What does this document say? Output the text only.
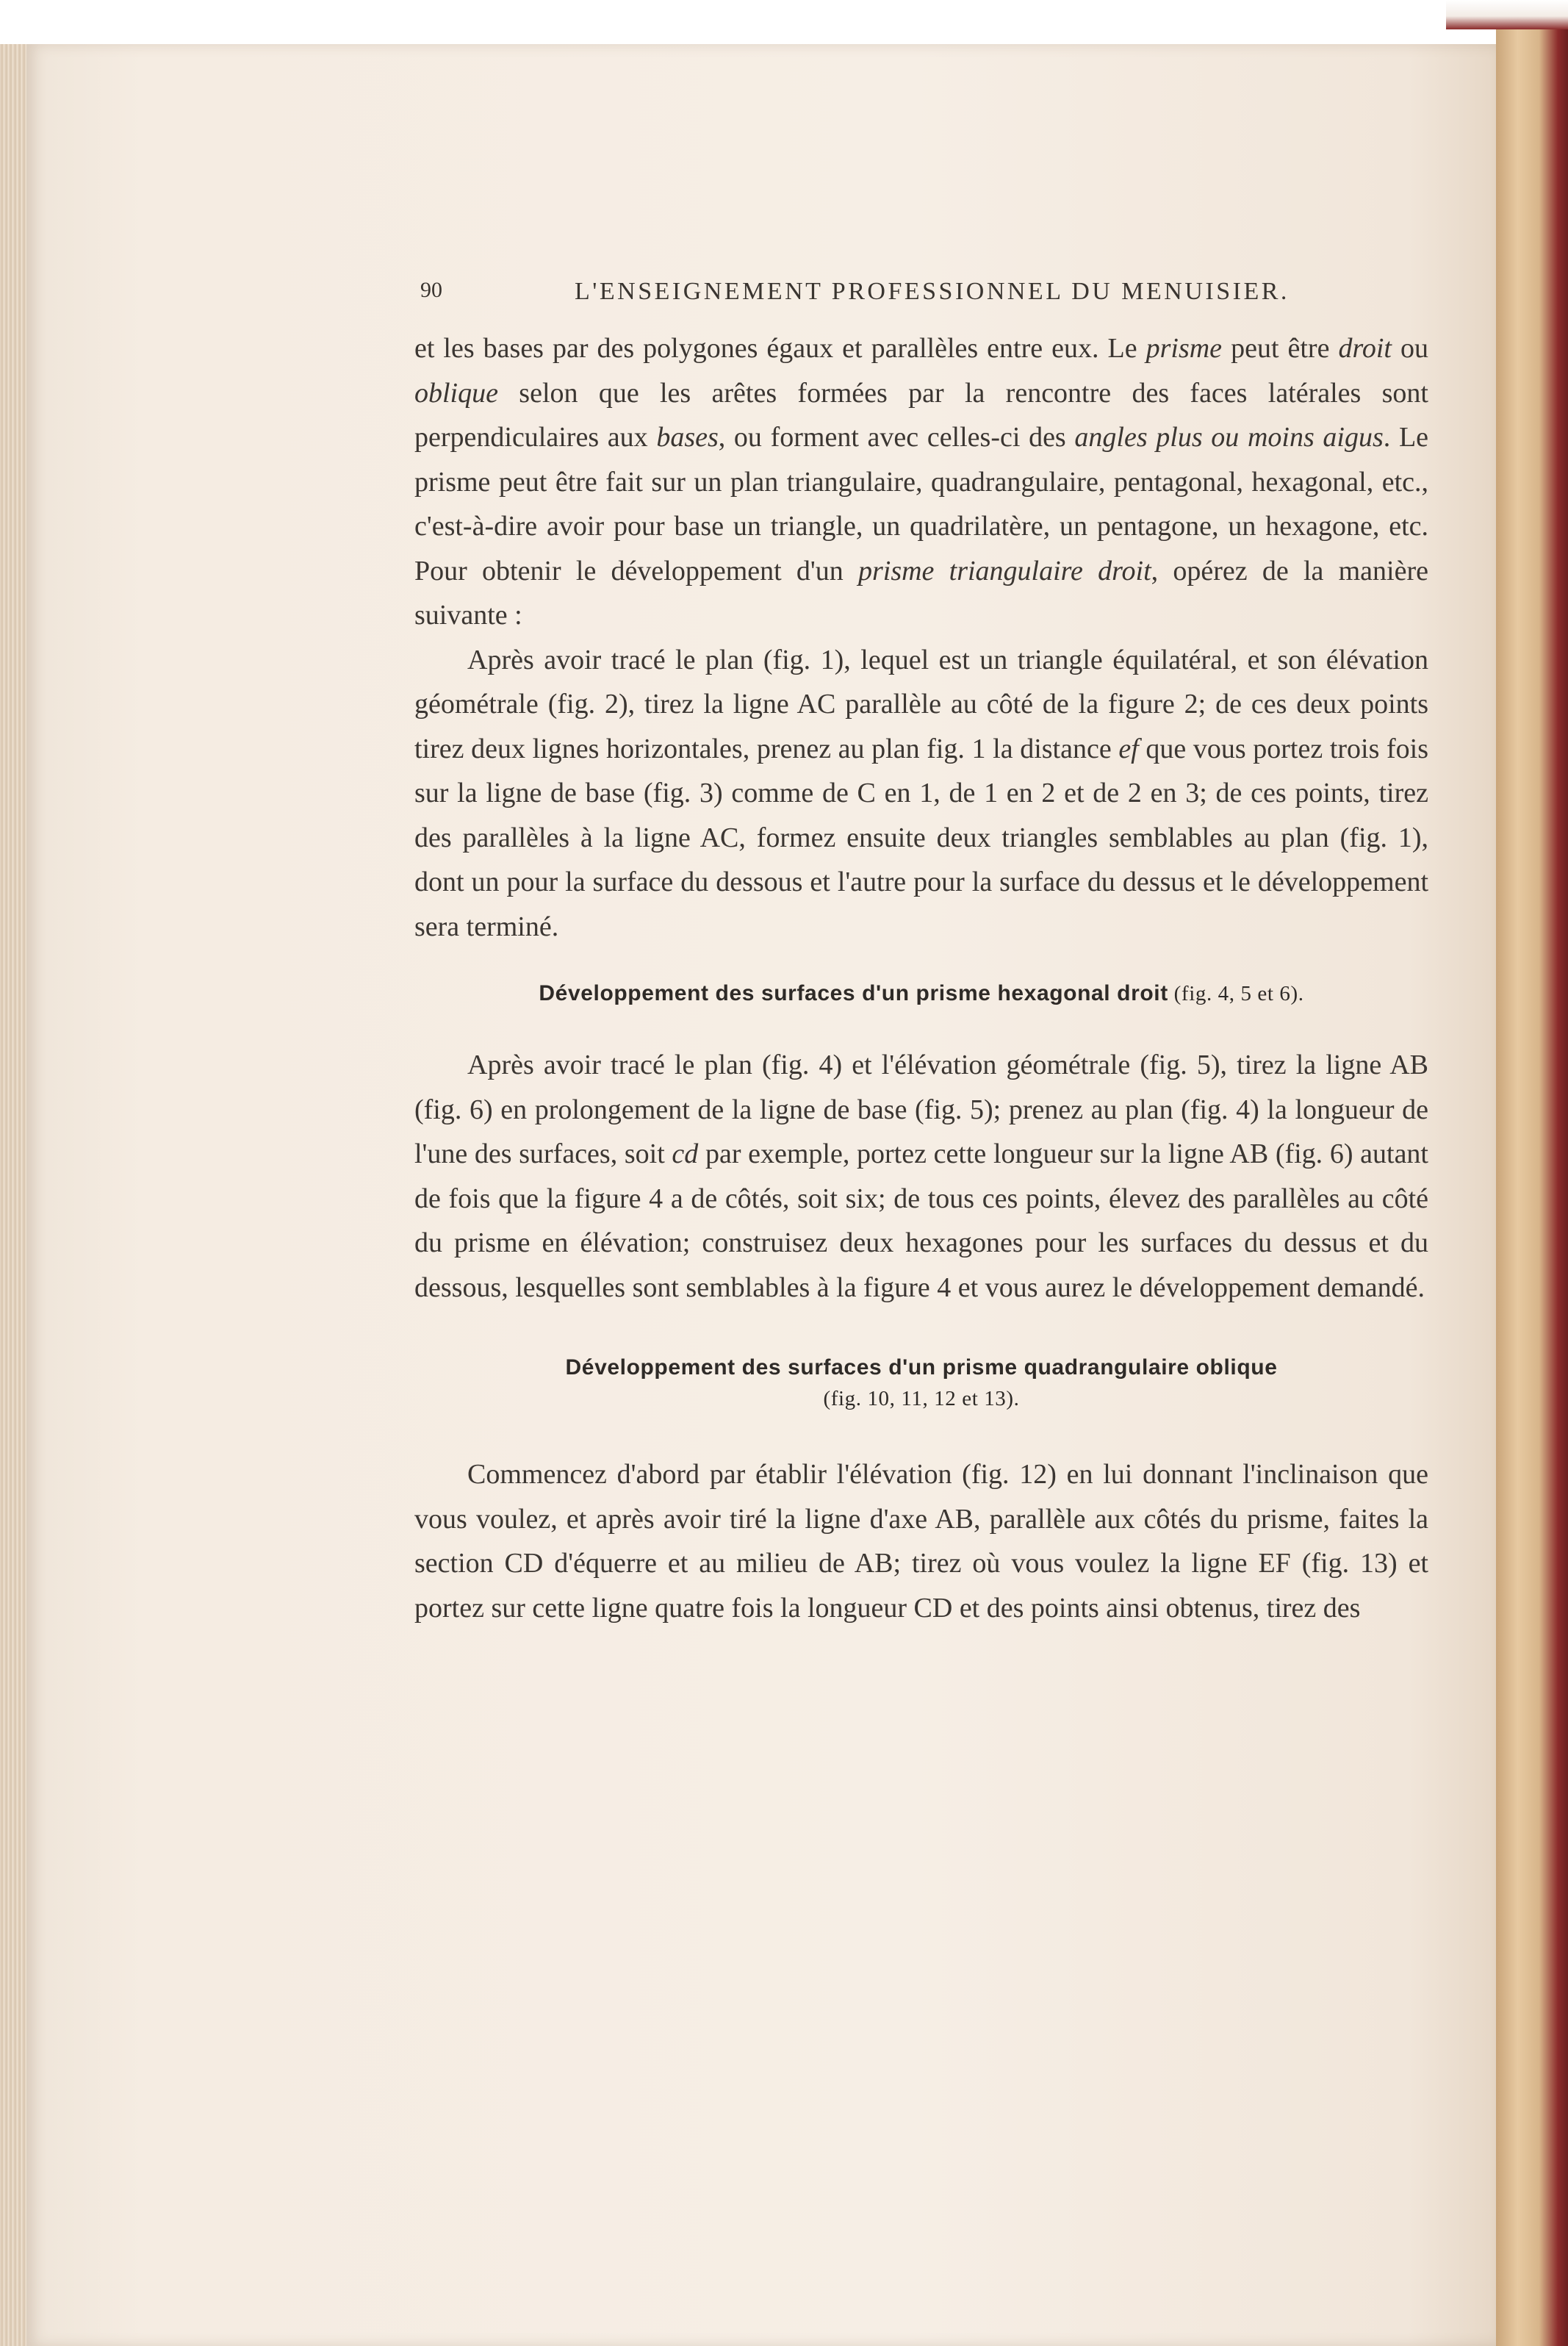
90	L'ENSEIGNEMENT PROFESSIONNEL DU MENUISIER.

et les bases par des polygones égaux et parallèles entre eux. Le prisme peut être droit ou oblique selon que les arêtes formées par la rencontre des faces latérales sont perpendiculaires aux bases, ou forment avec celles-ci des angles plus ou moins aigus. Le prisme peut être fait sur un plan triangulaire, quadrangulaire, pentagonal, hexagonal, etc., c'est-à-dire avoir pour base un triangle, un quadrilatère, un pentagone, un hexagone, etc. Pour obtenir le développement d'un prisme triangulaire droit, opérez de la manière suivante :

Après avoir tracé le plan (fig. 1), lequel est un triangle équilatéral, et son élévation géométrale (fig. 2), tirez la ligne AC parallèle au côté de la figure 2; de ces deux points tirez deux lignes horizontales, prenez au plan fig. 1 la distance ef que vous portez trois fois sur la ligne de base (fig. 3) comme de C en 1, de 1 en 2 et de 2 en 3; de ces points, tirez des parallèles à la ligne AC, formez ensuite deux triangles semblables au plan (fig. 1), dont un pour la surface du dessous et l'autre pour la surface du dessus et le développement sera terminé.

Développement des surfaces d'un prisme hexagonal droit (fig. 4, 5 et 6).

Après avoir tracé le plan (fig. 4) et l'élévation géométrale (fig. 5), tirez la ligne AB (fig. 6) en prolongement de la ligne de base (fig. 5); prenez au plan (fig. 4) la longueur de l'une des surfaces, soit cd par exemple, portez cette longueur sur la ligne AB (fig. 6) autant de fois que la figure 4 a de côtés, soit six; de tous ces points, élevez des parallèles au côté du prisme en élévation; construisez deux hexagones pour les surfaces du dessus et du dessous, lesquelles sont semblables à la figure 4 et vous aurez le développement demandé.

Développement des surfaces d'un prisme quadrangulaire oblique
(fig. 10, 11, 12 et 13).

Commencez d'abord par établir l'élévation (fig. 12) en lui donnant l'inclinaison que vous voulez, et après avoir tiré la ligne d'axe AB, parallèle aux côtés du prisme, faites la section CD d'équerre et au milieu de AB; tirez où vous voulez la ligne EF (fig. 13) et portez sur cette ligne quatre fois la longueur CD et des points ainsi obtenus, tirez des
